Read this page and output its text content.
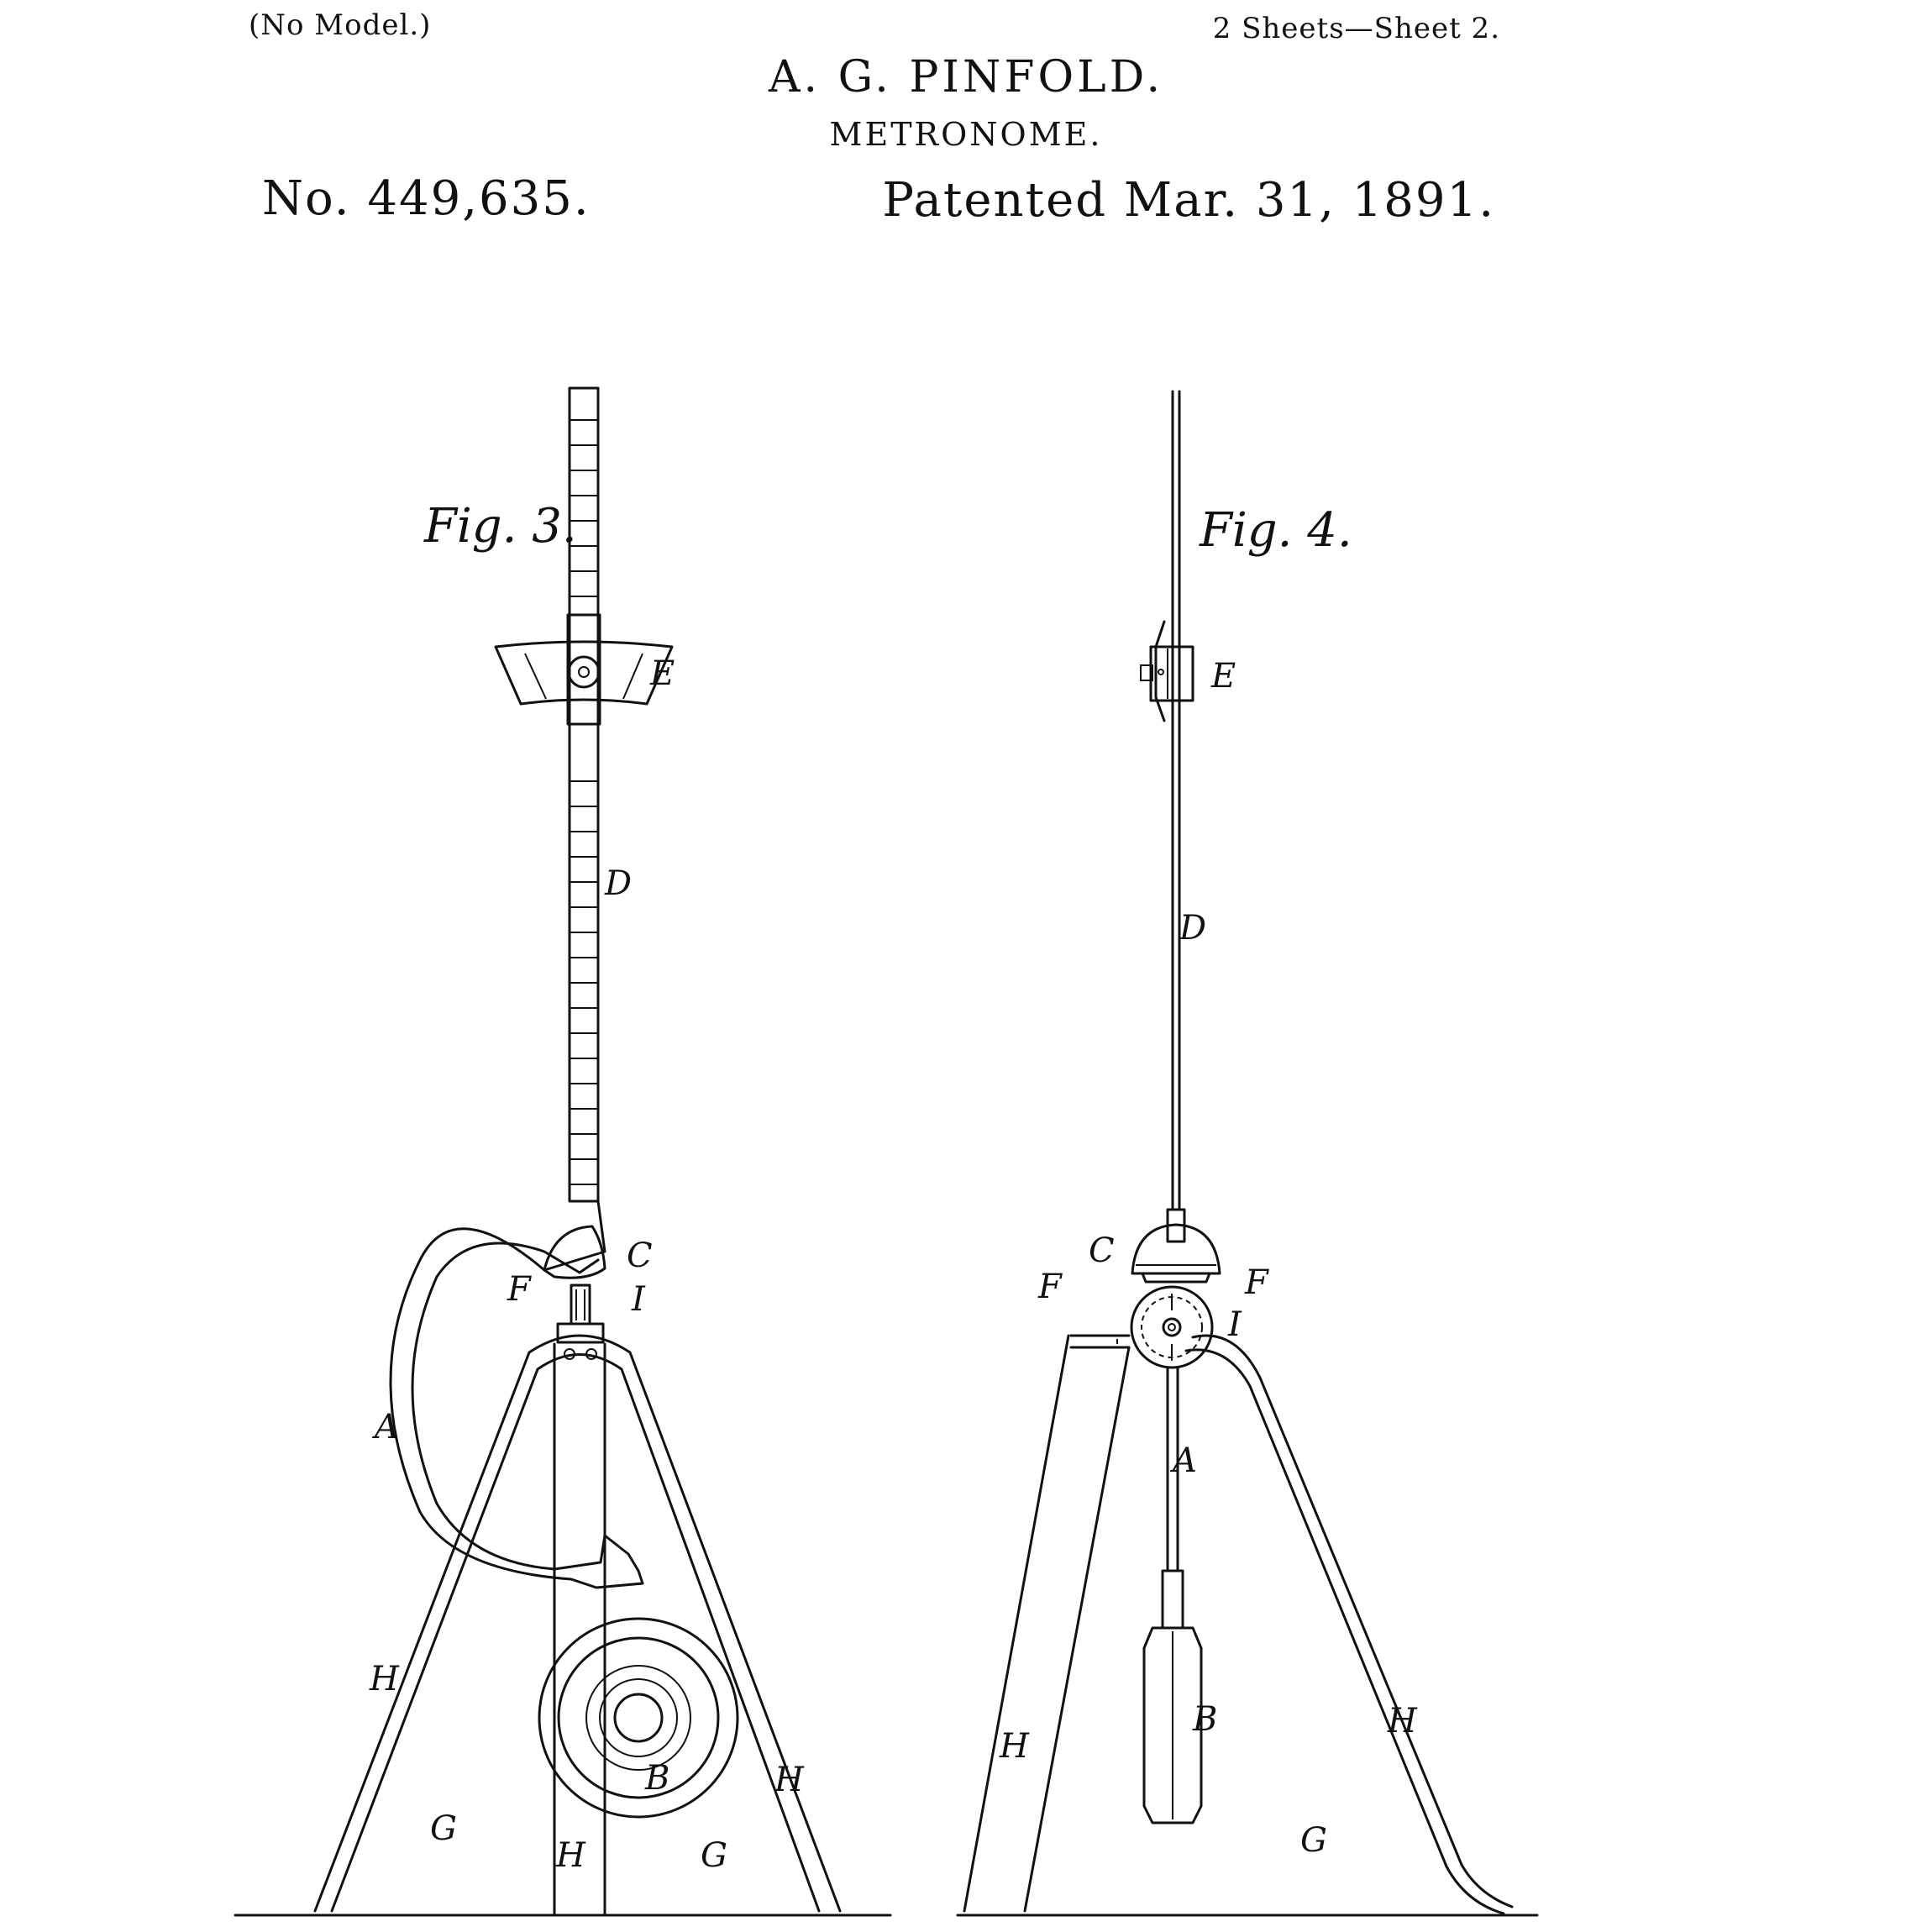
(No Model.)	2 Sheets—Sheet 2.
A. G. PINFOLD.
METRONOME.
No. 449,635.	Patented Mar. 31, 1891.
Fig. 3.
E
D
C
F	I
A
H
H
H
B
G
G
Fig. 4.
E
D
C
F	F
I
A
H
H
B
G
